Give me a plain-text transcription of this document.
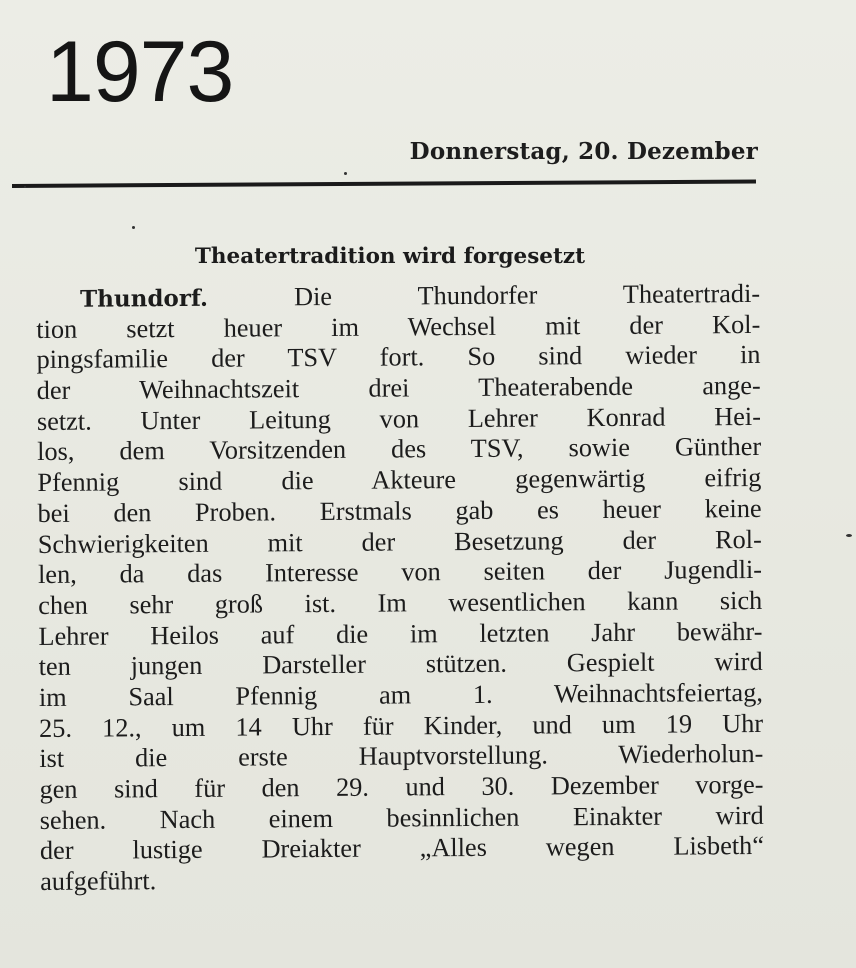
1973
Donnerstag, 20. Dezember
Theatertradition wird forgesetzt
Thundorf. Die Thundorfer Theatertradi-
tion setzt heuer im Wechsel mit der Kol-
pingsfamilie der TSV fort. So sind wieder in
der Weihnachtszeit drei Theaterabende ange-
setzt. Unter Leitung von Lehrer Konrad Hei-
los, dem Vorsitzenden des TSV, sowie Günther
Pfennig sind die Akteure gegenwärtig eifrig
bei den Proben. Erstmals gab es heuer keine
Schwierigkeiten mit der Besetzung der Rol-
len, da das Interesse von seiten der Jugendli-
chen sehr groß ist. Im wesentlichen kann sich
Lehrer Heilos auf die im letzten Jahr bewähr-
ten jungen Darsteller stützen. Gespielt wird
im Saal Pfennig am 1. Weihnachtsfeiertag,
25. 12., um 14 Uhr für Kinder, und um 19 Uhr
ist die erste Hauptvorstellung. Wiederholun-
gen sind für den 29. und 30. Dezember vorge-
sehen. Nach einem besinnlichen Einakter wird
der lustige Dreiakter „Alles wegen Lisbeth“
aufgeführt.
